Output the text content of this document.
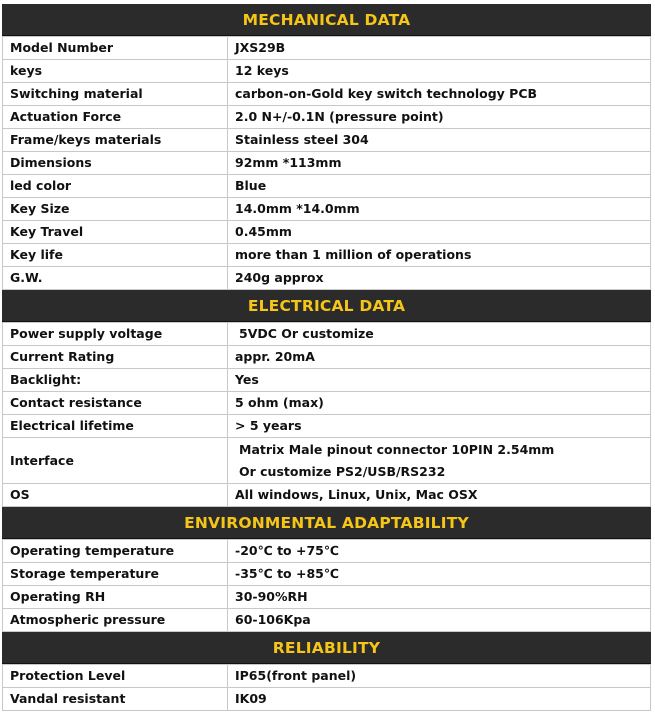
MECHANICAL DATA
Model Number	JXS29B
keys	12 keys
Switching material	carbon-on-Gold key switch technology PCB
Actuation Force	2.0 N+/-0.1N (pressure point)
Frame/keys materials	Stainless steel 304
Dimensions	92mm *113mm
led color	Blue
Key Size	14.0mm *14.0mm
Key Travel	0.45mm
Key life	more than 1 million of operations
G.W.	240g approx
ELECTRICAL DATA
Power supply voltage	5VDC Or customize
Current Rating	appr. 20mA
Backlight:	Yes
Contact resistance	5 ohm (max)
Electrical lifetime	> 5 years
Interface	Matrix Male pinout connector 10PIN 2.54mm
Or customize PS2/USB/RS232

OS	All windows, Linux, Unix, Mac OSX
ENVIRONMENTAL ADAPTABILITY
Operating temperature	-20℃ to +75℃
Storage temperature	-35℃ to +85℃
Operating RH	30-90%RH
Atmospheric pressure	60-106Kpa
RELIABILITY
Protection Level	IP65(front panel)
Vandal resistant	IK09
